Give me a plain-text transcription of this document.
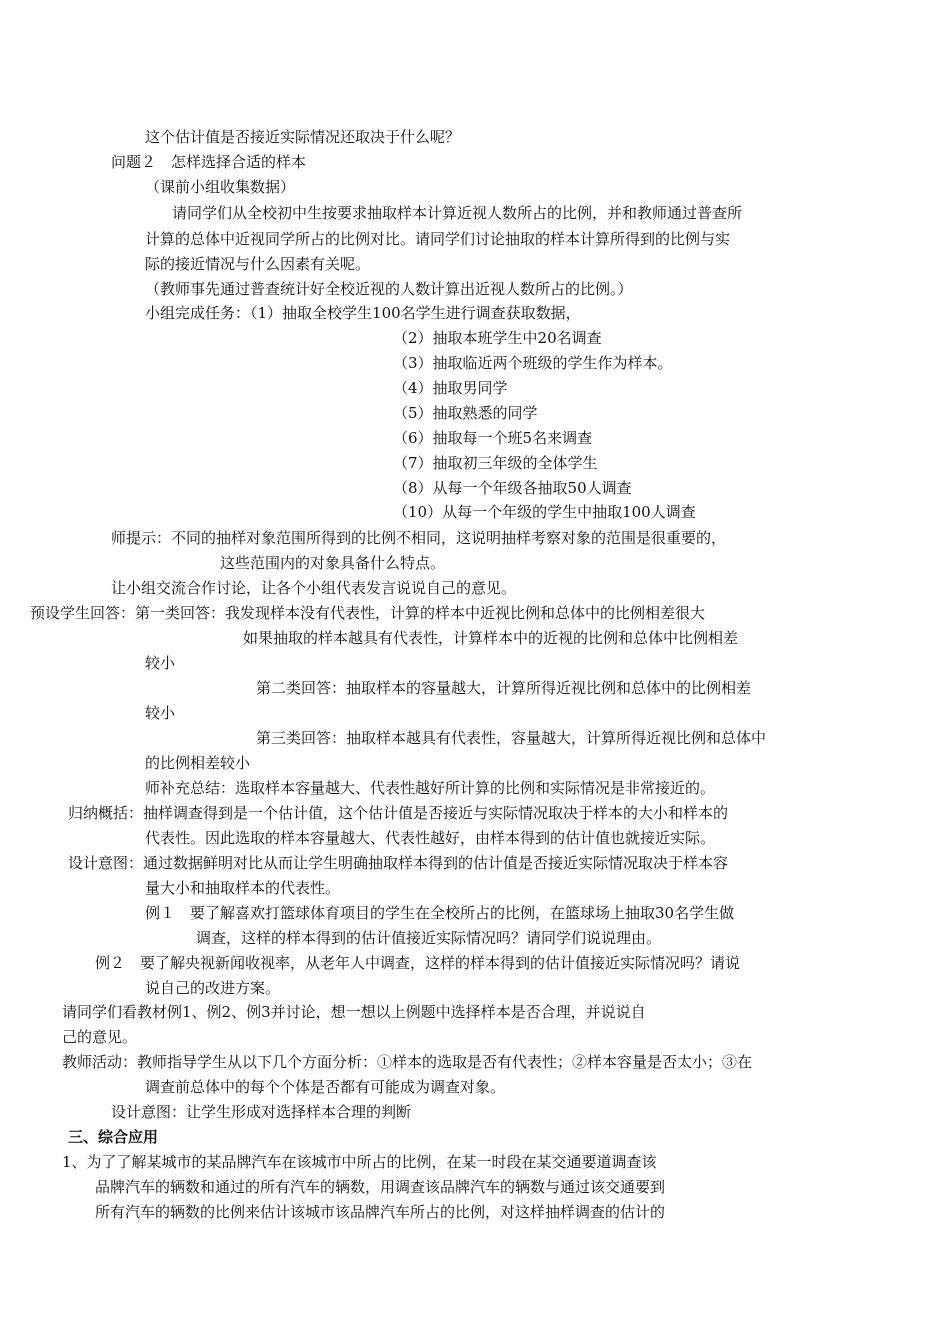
这个估计值是否接近实际情况还取决于什么呢？
问题２　怎样选择合适的样本
（课前小组收集数据）
请同学们从全校初中生按要求抽取样本计算近视人数所占的比例，并和教师通过普查所
计算的总体中近视同学所占的比例对比。请同学们讨论抽取的样本计算所得到的比例与实
际的接近情况与什么因素有关呢。
（教师事先通过普查统计好全校近视的人数计算出近视人数所占的比例。）
小组完成任务：（1）抽取全校学生100名学生进行调查获取数据，
（2）抽取本班学生中20名调查
（3）抽取临近两个班级的学生作为样本。
（4）抽取男同学
（5）抽取熟悉的同学
（6）抽取每一个班5名来调查
（7）抽取初三年级的全体学生
（8）从每一个年级各抽取50人调查
（10）从每一个年级的学生中抽取100人调查
师提示：不同的抽样对象范围所得到的比例不相同，这说明抽样考察对象的范围是很重要的，
这些范围内的对象具备什么特点。
让小组交流合作讨论，让各个小组代表发言说说自己的意见。
预设学生回答：第一类回答：我发现样本没有代表性，计算的样本中近视比例和总体中的比例相差很大
如果抽取的样本越具有代表性，计算样本中的近视的比例和总体中比例相差
较小
第二类回答：抽取样本的容量越大，计算所得近视比例和总体中的比例相差
较小
第三类回答：抽取样本越具有代表性，容量越大，计算所得近视比例和总体中
的比例相差较小
师补充总结：选取样本容量越大、代表性越好所计算的比例和实际情况是非常接近的。
归纳概括：抽样调查得到是一个估计值，这个估计值是否接近与实际情况取决于样本的大小和样本的
代表性。因此选取的样本容量越大、代表性越好，由样本得到的估计值也就接近实际。
设计意图：通过数据鲜明对比从而让学生明确抽取样本得到的估计值是否接近实际情况取决于样本容
量大小和抽取样本的代表性。
例１　要了解喜欢打篮球体育项目的学生在全校所占的比例，在篮球场上抽取30名学生做
调查，这样的样本得到的估计值接近实际情况吗？请同学们说说理由。
例２　要了解央视新闻收视率，从老年人中调查，这样的样本得到的估计值接近实际情况吗？请说
说自己的改进方案。
请同学们看教材例1、例2、例3并讨论，想一想以上例题中选择样本是否合理，并说说自
己的意见。
教师活动：教师指导学生从以下几个方面分析：①样本的选取是否有代表性；②样本容量是否太小；③在
调查前总体中的每个个体是否都有可能成为调查对象。
设计意图：让学生形成对选择样本合理的判断
三、综合应用
1、为了了解某城市的某品牌汽车在该城市中所占的比例，在某一时段在某交通要道调查该
品牌汽车的辆数和通过的所有汽车的辆数，用调查该品牌汽车的辆数与通过该交通要到
所有汽车的辆数的比例来估计该城市该品牌汽车所占的比例，对这样抽样调查的估计的
